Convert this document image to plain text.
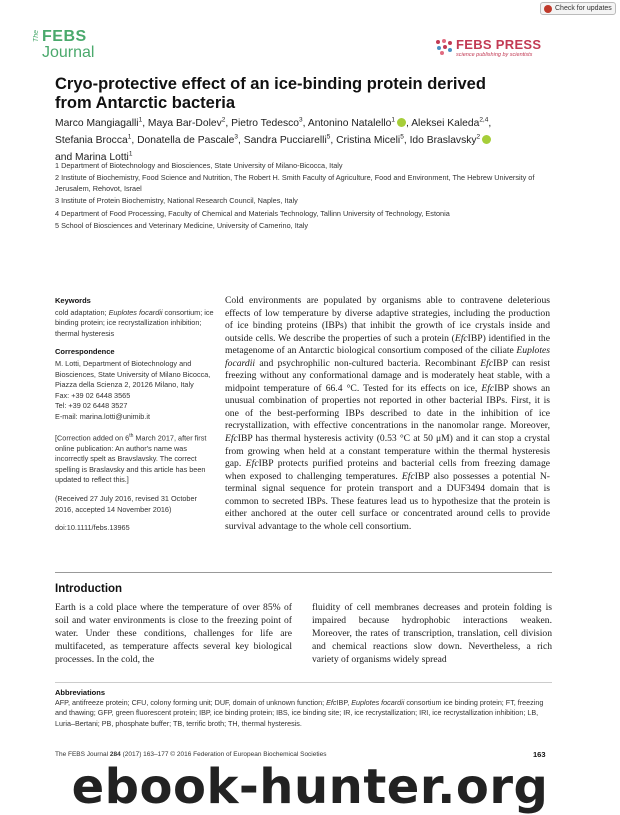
Check for updates
The FEBS
Journal	FEBS PRESS
science publishing by scientists
Cryo-protective effect of an ice-binding protein derived
from Antarctic bacteria
Marco Mangiagalli$^1$, Maya Bar-Dolev$^2$, Pietro Tedesco$^3$, Antonino Natalello$^1$ , Aleksei Kaleda$^{2,4}$,
Stefania Brocca$^1$, Donatella de Pascale$^3$, Sandra Pucciarelli$^5$, Cristina Miceli$^5$, Ido Braslavsky$^2$
and Marina Lotti$^1$
1 Department of Biotechnology and Biosciences, State University of Milano-Bicocca, Italy
2 Institute of Biochemistry, Food Science and Nutrition, The Robert H. Smith Faculty of Agriculture, Food and Environment, The Hebrew University of Jerusalem, Rehovot, Israel
3 Institute of Protein Biochemistry, National Research Council, Naples, Italy
4 Department of Food Processing, Faculty of Chemical and Materials Technology, Tallinn University of Technology, Estonia
5 School of Biosciences and Veterinary Medicine, University of Camerino, Italy
Keywords
cold adaptation; Euplotes focardii consortium; ice binding protein; ice recrystallization inhibition; thermal hysteresis
Correspondence
M. Lotti, Department of Biotechnology and Biosciences, State University of Milano Bicocca, Piazza della Scienza 2, 20126 Milano, Italy
Fax: +39 02 6448 3565
Tel: +39 02 6448 3527
E-mail: marina.lotti@unimib.it
[Correction added on 6th March 2017, after first online publication: An author's name was incorrectly spelt as Bravslavsky. The correct spelling is Braslavsky and this article has been updated to reflect this.]
(Received 27 July 2016, revised 31 October 2016, accepted 14 November 2016)
doi:10.1111/febs.13965
Cold environments are populated by organisms able to contravene deleterious effects of low temperature by diverse adaptive strategies, including the production of ice binding proteins (IBPs) that inhibit the growth of ice crystals inside and outside cells. We describe the properties of such a protein (EfcIBP) identified in the metagenome of an Antarctic biological consortium composed of the ciliate Euplotes focardii and psychrophilic non-cultured bacteria. Recombinant EfcIBP can resist freezing without any conformational damage and is moderately heat stable, with a midpoint temperature of 66.4 °C. Tested for its effects on ice, EfcIBP shows an unusual combination of properties not reported in other bacterial IBPs. First, it is one of the best-performing IBPs described to date in the inhibition of ice recrystallization, with effective concentrations in the nanomolar range. Moreover, EfcIBP has thermal hysteresis activity (0.53 °C at 50 μM) and it can stop a crystal from growing when held at a constant temperature within the thermal hysteresis gap. EfcIBP protects purified proteins and bacterial cells from freezing damage when exposed to challenging temperatures. EfcIBP also possesses a potential N-terminal signal sequence for protein transport and a DUF3494 domain that is common to secreted IBPs. These features lead us to hypothesize that the protein is either anchored at the outer cell surface or concentrated around cells to provide survival advantage to the whole cell consortium.
Introduction
Earth is a cold place where the temperature of over 85% of soil and water environments is close to the freezing point of water. Under these conditions, challenges for life are multifaceted, as temperature affects several key biological processes. In the cold, the
fluidity of cell membranes decreases and protein folding is impaired because hydrophobic interactions weaken. Moreover, the rates of transcription, translation, cell division and chemical reactions slow down. Nevertheless, a rich variety of organisms widely spread
Abbreviations
AFP, antifreeze protein; CFU, colony forming unit; DUF, domain of unknown function; EfcIBP, Euplotes focardii consortium ice binding protein; FT, freezing and thawing; GFP, green fluorescent protein; IBP, ice binding protein; IBS, ice binding site; IR, ice recrystallization; IRI, ice recrystallization inhibition; LB, Luria–Bertani; PB, phosphate buffer; TB, terrific broth; TH, thermal hysteresis.
The FEBS Journal 284 (2017) 163–177 © 2016 Federation of European Biochemical Societies	163
ebook-hunter.org
